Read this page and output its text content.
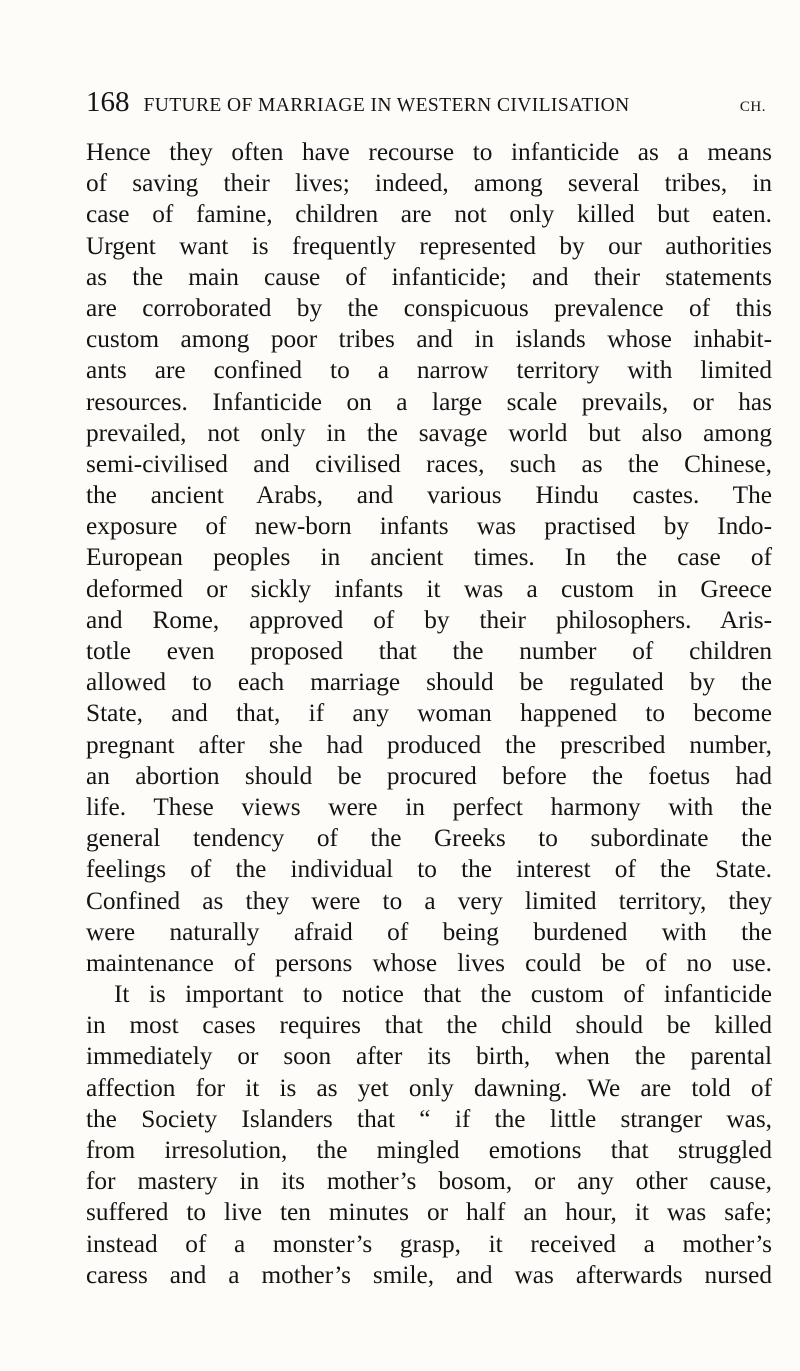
168 FUTURE OF MARRIAGE IN WESTERN CIVILISATION	CH.
Hence they often have recourse to infanticide as a means
of saving their lives; indeed, among several tribes, in
case of famine, children are not only killed but eaten.
Urgent want is frequently represented by our authorities
as the main cause of infanticide; and their statements
are corroborated by the conspicuous prevalence of this
custom among poor tribes and in islands whose inhabit-
ants are confined to a narrow territory with limited
resources. Infanticide on a large scale prevails, or has
prevailed, not only in the savage world but also among
semi-civilised and civilised races, such as the Chinese,
the ancient Arabs, and various Hindu castes. The
exposure of new-born infants was practised by Indo-
European peoples in ancient times. In the case of
deformed or sickly infants it was a custom in Greece
and Rome, approved of by their philosophers. Aris-
totle even proposed that the number of children
allowed to each marriage should be regulated by the
State, and that, if any woman happened to become
pregnant after she had produced the prescribed number,
an abortion should be procured before the foetus had
life. These views were in perfect harmony with the
general tendency of the Greeks to subordinate the
feelings of the individual to the interest of the State.
Confined as they were to a very limited territory, they
were naturally afraid of being burdened with the
maintenance of persons whose lives could be of no use.
It is important to notice that the custom of infanticide
in most cases requires that the child should be killed
immediately or soon after its birth, when the parental
affection for it is as yet only dawning. We are told of
the Society Islanders that “ if the little stranger was,
from irresolution, the mingled emotions that struggled
for mastery in its mother’s bosom, or any other cause,
suffered to live ten minutes or half an hour, it was safe;
instead of a monster’s grasp, it received a mother’s
caress and a mother’s smile, and was afterwards nursed
